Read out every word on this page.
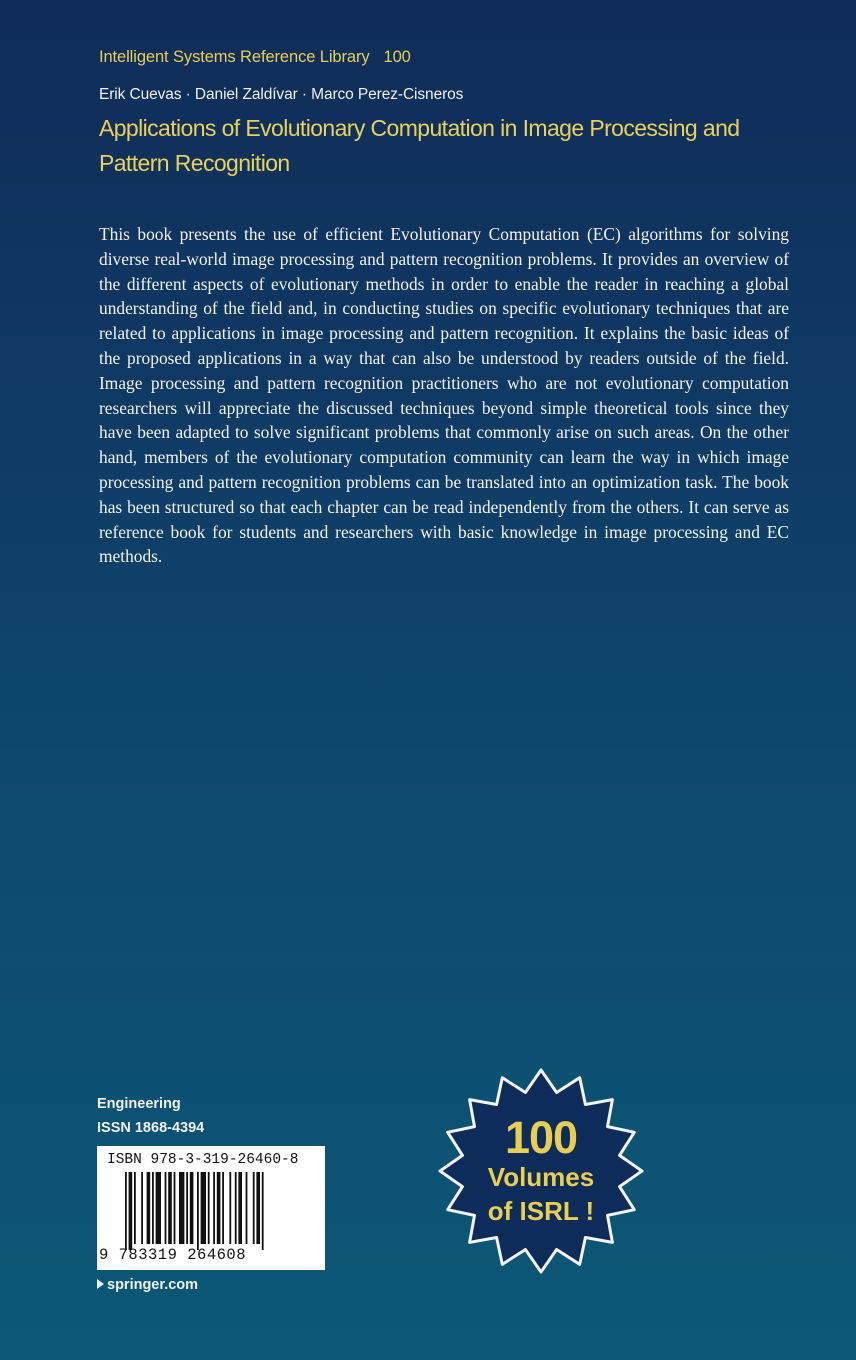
Intelligent Systems Reference Library 100
Erik Cuevas · Daniel Zaldívar · Marco Perez-Cisneros
Applications of Evolutionary Computation in Image Processing and Pattern Recognition
This book presents the use of efficient Evolutionary Computation (EC) algorithms for solving diverse real-world image processing and pattern recognition problems. It provides an overview of the different aspects of evolutionary methods in order to enable the reader in reaching a global understanding of the field and, in conducting studies on specific evolutionary techniques that are related to applications in image processing and pattern recognition. It explains the basic ideas of the proposed applications in a way that can also be understood by readers outside of the field. Image processing and pattern recognition practitioners who are not evolutionary computation researchers will appreciate the discussed techniques beyond simple theoretical tools since they have been adapted to solve significant problems that commonly arise on such areas. On the other hand, members of the evolutionary computation community can learn the way in which image processing and pattern recognition problems can be translated into an optimization task. The book has been structured so that each chapter can be read independently from the others. It can serve as reference book for students and researchers with basic knowledge in image processing and EC methods.
Engineering
ISSN 1868-4394
ISBN 978-3-319-26460-8
9 783319 264608
springer.com
100
Volumes
of ISRL !
